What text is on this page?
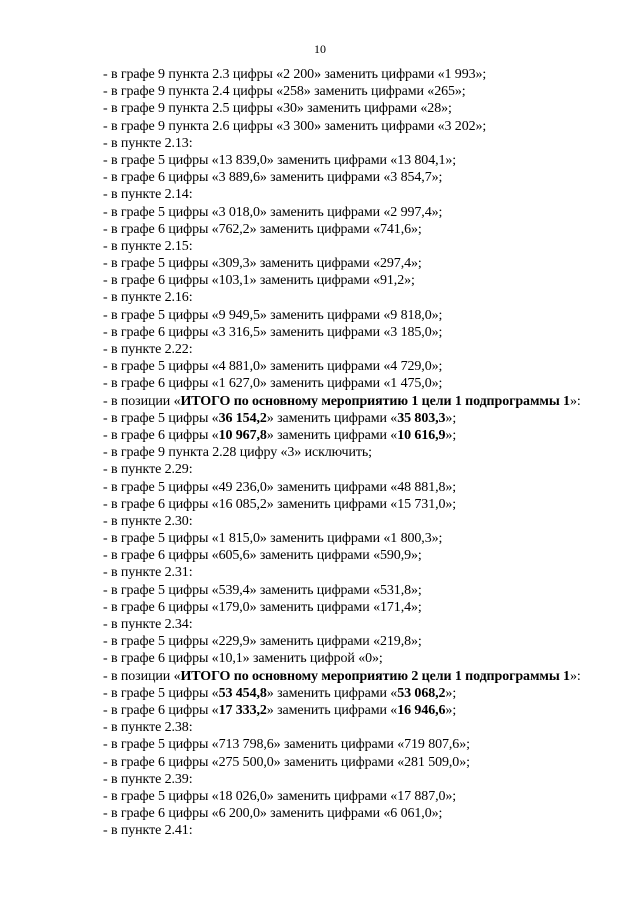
10
- в графе 9 пункта 2.3 цифры «2 200» заменить цифрами «1 993»;
- в графе 9 пункта 2.4 цифры «258» заменить цифрами «265»;
- в графе 9 пункта 2.5 цифры «30» заменить цифрами «28»;
- в графе 9 пункта 2.6 цифры «3 300» заменить цифрами «3 202»;
- в пункте 2.13:
- в графе 5 цифры «13 839,0» заменить цифрами «13 804,1»;
- в графе 6 цифры «3 889,6» заменить цифрами «3 854,7»;
- в пункте 2.14:
- в графе 5 цифры «3 018,0» заменить цифрами «2 997,4»;
- в графе 6 цифры «762,2» заменить цифрами «741,6»;
- в пункте 2.15:
- в графе 5 цифры «309,3» заменить цифрами «297,4»;
- в графе 6 цифры «103,1» заменить цифрами «91,2»;
- в пункте 2.16:
- в графе 5 цифры «9 949,5» заменить цифрами «9 818,0»;
- в графе 6 цифры «3 316,5» заменить цифрами «3 185,0»;
- в пункте 2.22:
- в графе 5 цифры «4 881,0» заменить цифрами «4 729,0»;
- в графе 6 цифры «1 627,0» заменить цифрами «1 475,0»;
- в позиции «ИТОГО по основному мероприятию 1 цели 1 подпрограммы 1»:
- в графе 5 цифры «36 154,2» заменить цифрами «35 803,3»;
- в графе 6 цифры «10 967,8» заменить цифрами «10 616,9»;
- в графе 9 пункта 2.28 цифру «3» исключить;
- в пункте 2.29:
- в графе 5 цифры «49 236,0» заменить цифрами «48 881,8»;
- в графе 6 цифры «16 085,2» заменить цифрами «15 731,0»;
- в пункте 2.30:
- в графе 5 цифры «1 815,0» заменить цифрами «1 800,3»;
- в графе 6 цифры «605,6» заменить цифрами «590,9»;
- в пункте 2.31:
- в графе 5 цифры «539,4» заменить цифрами «531,8»;
- в графе 6 цифры «179,0» заменить цифрами «171,4»;
- в пункте 2.34:
- в графе 5 цифры «229,9» заменить цифрами «219,8»;
- в графе 6 цифры «10,1» заменить цифрой «0»;
- в позиции «ИТОГО по основному мероприятию 2 цели 1 подпрограммы 1»:
- в графе 5 цифры «53 454,8» заменить цифрами «53 068,2»;
- в графе 6 цифры «17 333,2» заменить цифрами «16 946,6»;
- в пункте 2.38:
- в графе 5 цифры «713 798,6» заменить цифрами «719 807,6»;
- в графе 6 цифры «275 500,0» заменить цифрами «281 509,0»;
- в пункте 2.39:
- в графе 5 цифры «18 026,0» заменить цифрами «17 887,0»;
- в графе 6 цифры «6 200,0» заменить цифрами «6 061,0»;
- в пункте 2.41:
